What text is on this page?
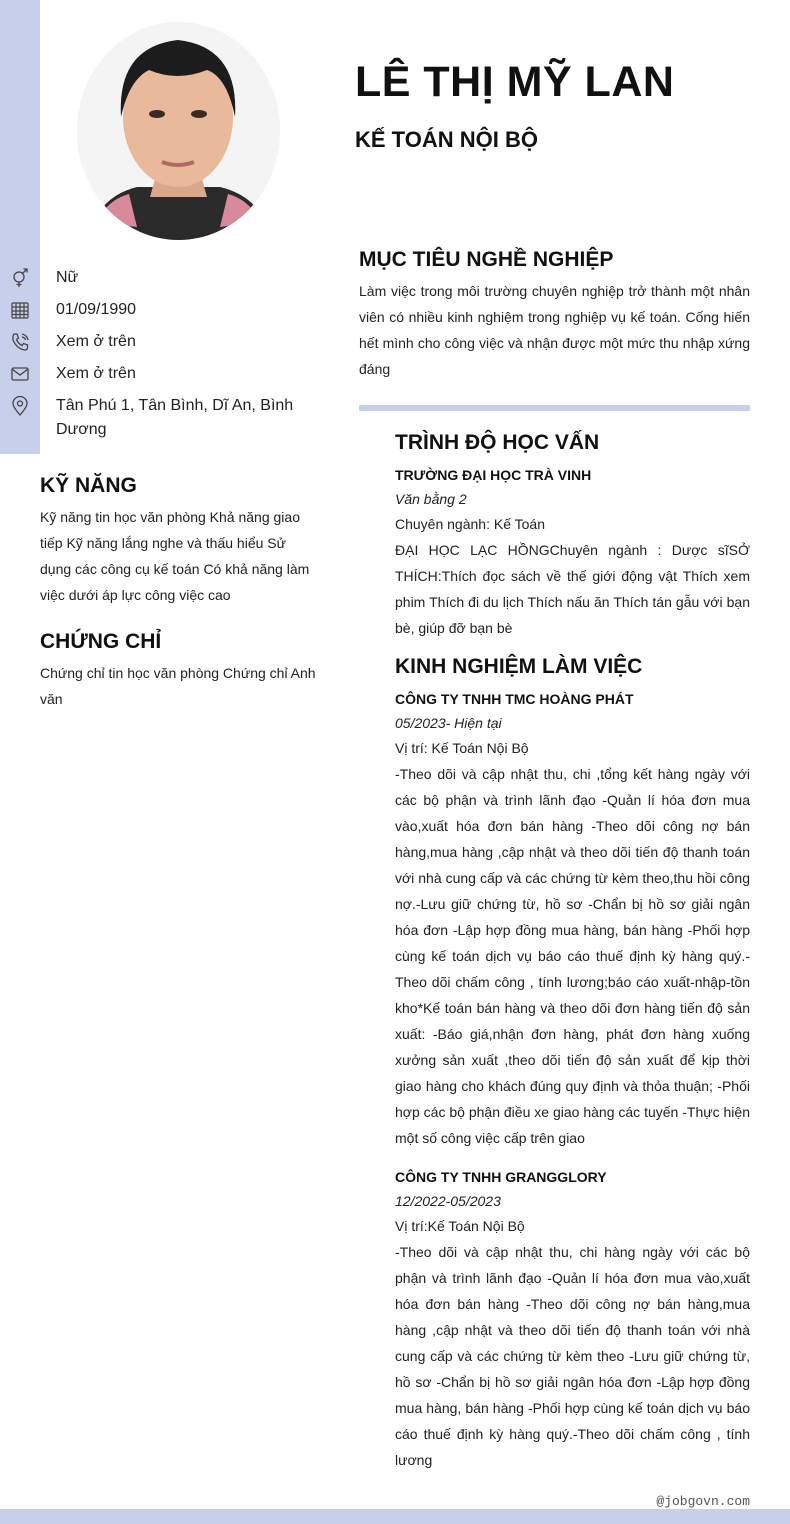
LÊ THỊ MỸ LAN
KẾ TOÁN NỘI BỘ
Nữ
01/09/1990
Xem ở trên
Xem ở trên
Tân Phú 1, Tân Bình, Dĩ An, Bình Dương
KỸ NĂNG

Kỹ năng tin học văn phòng Khả năng giao tiếp Kỹ năng lắng nghe và thấu hiểu Sử dụng các công cụ kế toán Có khả năng làm việc dưới áp lực công việc cao

CHỨNG CHỈ

Chứng chỉ tin học văn phòng Chứng chỉ Anh văn

MỤC TIÊU NGHỀ NGHIỆP

Làm việc trong môi trường chuyên nghiệp trở thành một nhân viên có nhiều kinh nghiệm trong nghiệp vụ kế toán. Cống hiến hết mình cho công việc và nhận được một mức thu nhập xứng đáng

TRÌNH ĐỘ HỌC VẤN

TRƯỜNG ĐẠI HỌC TRÀ VINH

Văn bằng 2

Chuyên ngành: Kế Toán

ĐẠI HỌC LẠC HỒNGChuyên ngành : Dược sĩSỞ THÍCH:Thích đọc sách về thế giới động vật Thích xem phim Thích đi du lịch Thích nấu ăn Thích tán gẫu với bạn bè, giúp đỡ bạn bè

KINH NGHIỆM LÀM VIỆC

CÔNG TY TNHH TMC HOÀNG PHÁT

05/2023- Hiện tại

Vị trí: Kế Toán Nội Bộ

-Theo dõi và cập nhật thu, chi ,tổng kết hàng ngày với các bộ phận và trình lãnh đạo -Quản lí hóa đơn mua vào,xuất hóa đơn bán hàng -Theo dõi công nợ bán hàng,mua hàng ,cập nhật và theo dõi tiến độ thanh toán với nhà cung cấp và các chứng từ kèm theo,thu hồi công nợ.-Lưu giữ chứng từ, hồ sơ -Chẩn bị hồ sơ giải ngân hóa đơn -Lập hợp đồng mua hàng, bán hàng -Phối hợp cùng kế toán dịch vụ báo cáo thuế định kỳ hàng quý.-Theo dõi chấm công , tính lương;báo cáo xuất-nhập-tồn kho*Kế toán bán hàng và theo dõi đơn hàng tiến độ sản xuất: -Báo giá,nhận đơn hàng, phát đơn hàng xuống xưởng sản xuất ,theo dõi tiến độ sản xuất để kịp thời giao hàng cho khách đúng quy định và thỏa thuận; -Phối hợp các bộ phận điều xe giao hàng các tuyến -Thực hiện một số công việc cấp trên giao

CÔNG TY TNHH GRANGGLORY

12/2022-05/2023

Vị trí:Kế Toán Nội Bộ

-Theo dõi và cập nhật thu, chi hàng ngày với các bộ phận và trình lãnh đạo -Quản lí hóa đơn mua vào,xuất hóa đơn bán hàng -Theo dõi công nợ bán hàng,mua hàng ,cập nhật và theo dõi tiến độ thanh toán với nhà cung cấp và các chứng từ kèm theo -Lưu giữ chứng từ, hồ sơ -Chẩn bị hồ sơ giải ngân hóa đơn -Lập hợp đồng mua hàng, bán hàng -Phối hợp cùng kế toán dịch vụ báo cáo thuế định kỳ hàng quý.-Theo dõi chấm công , tính lương

@jobgovn.com
